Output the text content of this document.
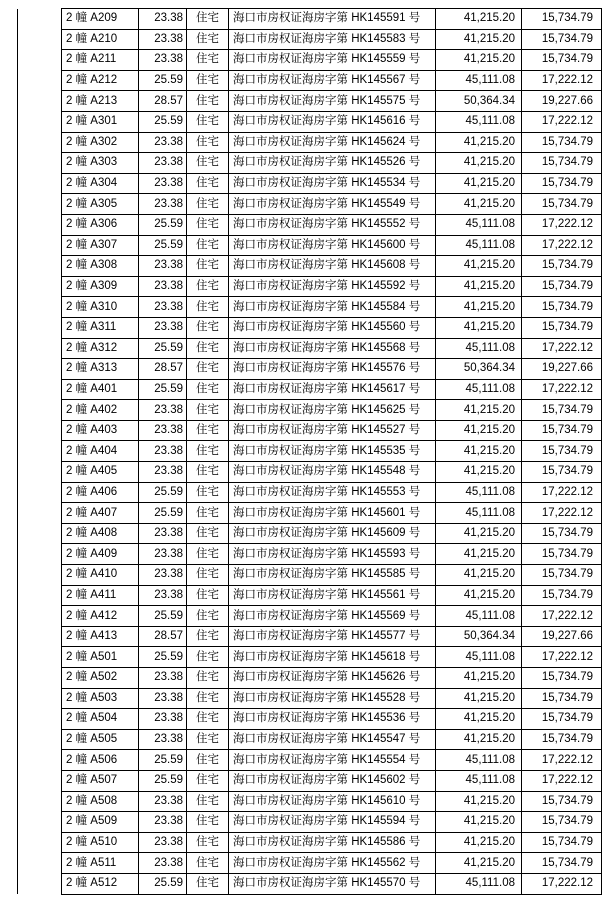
	2 幢 A209	23.38	住宅	海口市房权证海房字第 HK145591 号	41,215.20	15,734.79
	2 幢 A210	23.38	住宅	海口市房权证海房字第 HK145583 号	41,215.20	15,734.79
	2 幢 A211	23.38	住宅	海口市房权证海房字第 HK145559 号	41,215.20	15,734.79
	2 幢 A212	25.59	住宅	海口市房权证海房字第 HK145567 号	45,111.08	17,222.12
	2 幢 A213	28.57	住宅	海口市房权证海房字第 HK145575 号	50,364.34	19,227.66
	2 幢 A301	25.59	住宅	海口市房权证海房字第 HK145616 号	45,111.08	17,222.12
	2 幢 A302	23.38	住宅	海口市房权证海房字第 HK145624 号	41,215.20	15,734.79
	2 幢 A303	23.38	住宅	海口市房权证海房字第 HK145526 号	41,215.20	15,734.79
	2 幢 A304	23.38	住宅	海口市房权证海房字第 HK145534 号	41,215.20	15,734.79
	2 幢 A305	23.38	住宅	海口市房权证海房字第 HK145549 号	41,215.20	15,734.79
	2 幢 A306	25.59	住宅	海口市房权证海房字第 HK145552 号	45,111.08	17,222.12
	2 幢 A307	25.59	住宅	海口市房权证海房字第 HK145600 号	45,111.08	17,222.12
	2 幢 A308	23.38	住宅	海口市房权证海房字第 HK145608 号	41,215.20	15,734.79
	2 幢 A309	23.38	住宅	海口市房权证海房字第 HK145592 号	41,215.20	15,734.79
	2 幢 A310	23.38	住宅	海口市房权证海房字第 HK145584 号	41,215.20	15,734.79
	2 幢 A311	23.38	住宅	海口市房权证海房字第 HK145560 号	41,215.20	15,734.79
	2 幢 A312	25.59	住宅	海口市房权证海房字第 HK145568 号	45,111.08	17,222.12
	2 幢 A313	28.57	住宅	海口市房权证海房字第 HK145576 号	50,364.34	19,227.66
	2 幢 A401	25.59	住宅	海口市房权证海房字第 HK145617 号	45,111.08	17,222.12
	2 幢 A402	23.38	住宅	海口市房权证海房字第 HK145625 号	41,215.20	15,734.79
	2 幢 A403	23.38	住宅	海口市房权证海房字第 HK145527 号	41,215.20	15,734.79
	2 幢 A404	23.38	住宅	海口市房权证海房字第 HK145535 号	41,215.20	15,734.79
	2 幢 A405	23.38	住宅	海口市房权证海房字第 HK145548 号	41,215.20	15,734.79
	2 幢 A406	25.59	住宅	海口市房权证海房字第 HK145553 号	45,111.08	17,222.12
	2 幢 A407	25.59	住宅	海口市房权证海房字第 HK145601 号	45,111.08	17,222.12
	2 幢 A408	23.38	住宅	海口市房权证海房字第 HK145609 号	41,215.20	15,734.79
	2 幢 A409	23.38	住宅	海口市房权证海房字第 HK145593 号	41,215.20	15,734.79
	2 幢 A410	23.38	住宅	海口市房权证海房字第 HK145585 号	41,215.20	15,734.79
	2 幢 A411	23.38	住宅	海口市房权证海房字第 HK145561 号	41,215.20	15,734.79
	2 幢 A412	25.59	住宅	海口市房权证海房字第 HK145569 号	45,111.08	17,222.12
	2 幢 A413	28.57	住宅	海口市房权证海房字第 HK145577 号	50,364.34	19,227.66
	2 幢 A501	25.59	住宅	海口市房权证海房字第 HK145618 号	45,111.08	17,222.12
	2 幢 A502	23.38	住宅	海口市房权证海房字第 HK145626 号	41,215.20	15,734.79
	2 幢 A503	23.38	住宅	海口市房权证海房字第 HK145528 号	41,215.20	15,734.79
	2 幢 A504	23.38	住宅	海口市房权证海房字第 HK145536 号	41,215.20	15,734.79
	2 幢 A505	23.38	住宅	海口市房权证海房字第 HK145547 号	41,215.20	15,734.79
	2 幢 A506	25.59	住宅	海口市房权证海房字第 HK145554 号	45,111.08	17,222.12
	2 幢 A507	25.59	住宅	海口市房权证海房字第 HK145602 号	45,111.08	17,222.12
	2 幢 A508	23.38	住宅	海口市房权证海房字第 HK145610 号	41,215.20	15,734.79
	2 幢 A509	23.38	住宅	海口市房权证海房字第 HK145594 号	41,215.20	15,734.79
	2 幢 A510	23.38	住宅	海口市房权证海房字第 HK145586 号	41,215.20	15,734.79
	2 幢 A511	23.38	住宅	海口市房权证海房字第 HK145562 号	41,215.20	15,734.79
	2 幢 A512	25.59	住宅	海口市房权证海房字第 HK145570 号	45,111.08	17,222.12
